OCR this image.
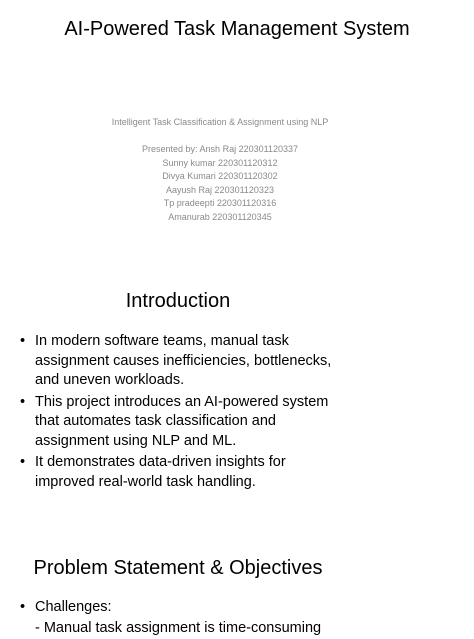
AI-Powered Task Management System

Intelligent Task Classification & Assignment using NLP

Presented by: Ansh Raj 220301120337
Sunny kumar 220301120312
Divya Kumari 220301120302
Aayush Raj 220301120323
Tp pradeepti 220301120316
Amanurab 220301120345
Introduction
• In modern software teams, manual task assignment causes inefficiencies, bottlenecks, and uneven workloads.
• This project introduces an AI-powered system that automates task classification and assignment using NLP and ML.
• It demonstrates data-driven insights for improved real-world task handling.
Problem Statement & Objectives
• Challenges:
- Manual task assignment is time-consuming
